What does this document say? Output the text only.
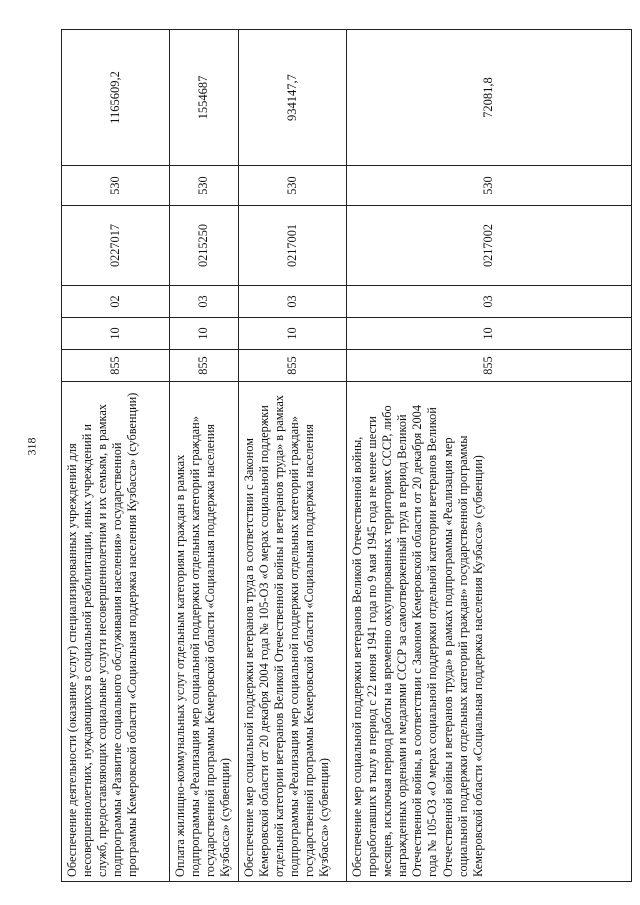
318 Обеспечение деятельности (оказание услуг) специализированных учреждений для несовершеннолетних, нуждающихся в социальной реабилитации, иных учреждений и служб, предоставляющих социальные услуги несовершеннолетним и их семьям, в рамках подпрограммы «Развитие социального обслуживания населения» государственной программы Кемеровской области «Социальная поддержка населения Кузбасса» (субвенции)	855	10	02	0227017	530	1165609,2
Оплата жилищно-коммунальных услуг отдельным категориям граждан в рамках подпрограммы «Реализация мер социальной поддержки отдельных категорий граждан» государственной программы Кемеровской области «Социальная поддержка населения Кузбасса» (субвенции)	855	10	03	0215250	530	1554687
Обеспечение мер социальной поддержки ветеранов труда в соответствии с Законом Кемеровской области от 20 декабря 2004 года № 105-ОЗ «О мерах социальной поддержки отдельной категории ветеранов Великой Отечественной войны и ветеранов труда» в рамках подпрограммы «Реализация мер социальной поддержки отдельных категорий граждан» государственной программы Кемеровской области «Социальная поддержка населения Кузбасса» (субвенции)	855	10	03	0217001	530	934147,7
Обеспечение мер социальной поддержки ветеранов Великой Отечественной войны, проработавших в тылу в период с 22 июня 1941 года по 9 мая 1945 года не менее шести месяцев, исключая период работы на временно оккупированных территориях СССР, либо награжденных орденами и медалями СССР за самоотверженный труд в период Великой Отечественной войны, в соответствии с Законом Кемеровской области от 20 декабря 2004 года № 105-ОЗ «О мерах социальной поддержки отдельной категории ветеранов Великой Отечественной войны и ветеранов труда» в рамках подпрограммы «Реализация мер социальной поддержки отдельных категорий граждан» государственной программы Кемеровской области «Социальная поддержка населения Кузбасса» (субвенции)	855	10	03	0217002	530	72081,8
